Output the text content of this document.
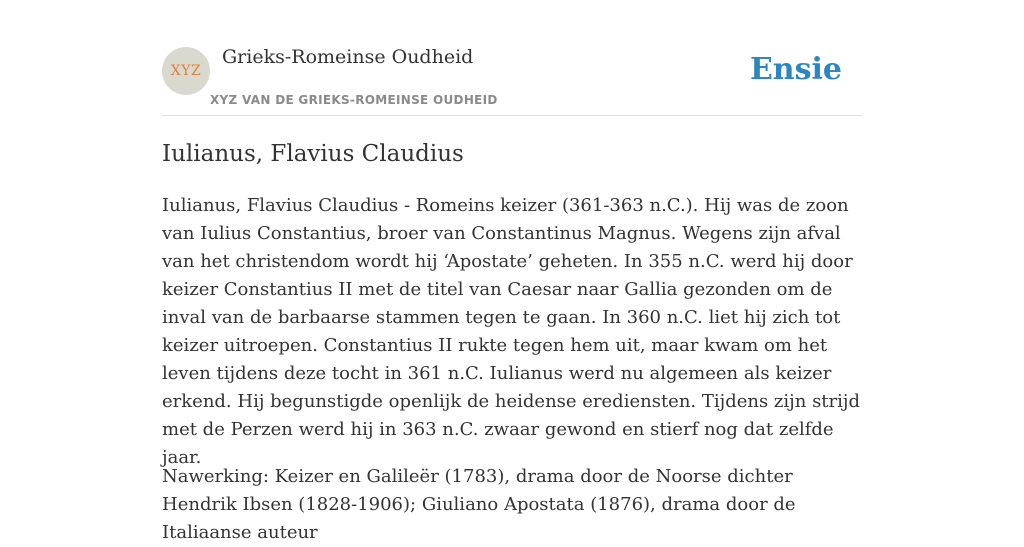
XYZ
Grieks-Romeinse Oudheid
XYZ VAN DE GRIEKS-ROMEINSE OUDHEID
Ensie
Iulianus, Flavius Claudius

Iulianus, Flavius Claudius - Romeins keizer (361-363 n.C.). Hij was de zoon van Iulius Constantius, broer van Constantinus Magnus. Wegens zijn afval van het christendom wordt hij ‘Apostate’ geheten. In 355 n.C. werd hij door keizer Constantius II met de titel van Caesar naar Gallia gezonden om de inval van de barbaarse stammen tegen te gaan. In 360 n.C. liet hij zich tot keizer uitroepen. Constantius II rukte tegen hem uit, maar kwam om het leven tijdens deze tocht in 361 n.C. Iulianus werd nu algemeen als keizer erkend. Hij begunstigde openlijk de heidense erediensten. Tijdens zijn strijd met de Perzen werd hij in 363 n.C. zwaar gewond en stierf nog dat zelfde jaar.

Nawerking: Keizer en Galileër (1783), drama door de Noorse dichter Hendrik Ibsen (1828-1906); Giuliano Apostata (1876), drama door de Italiaanse auteur
